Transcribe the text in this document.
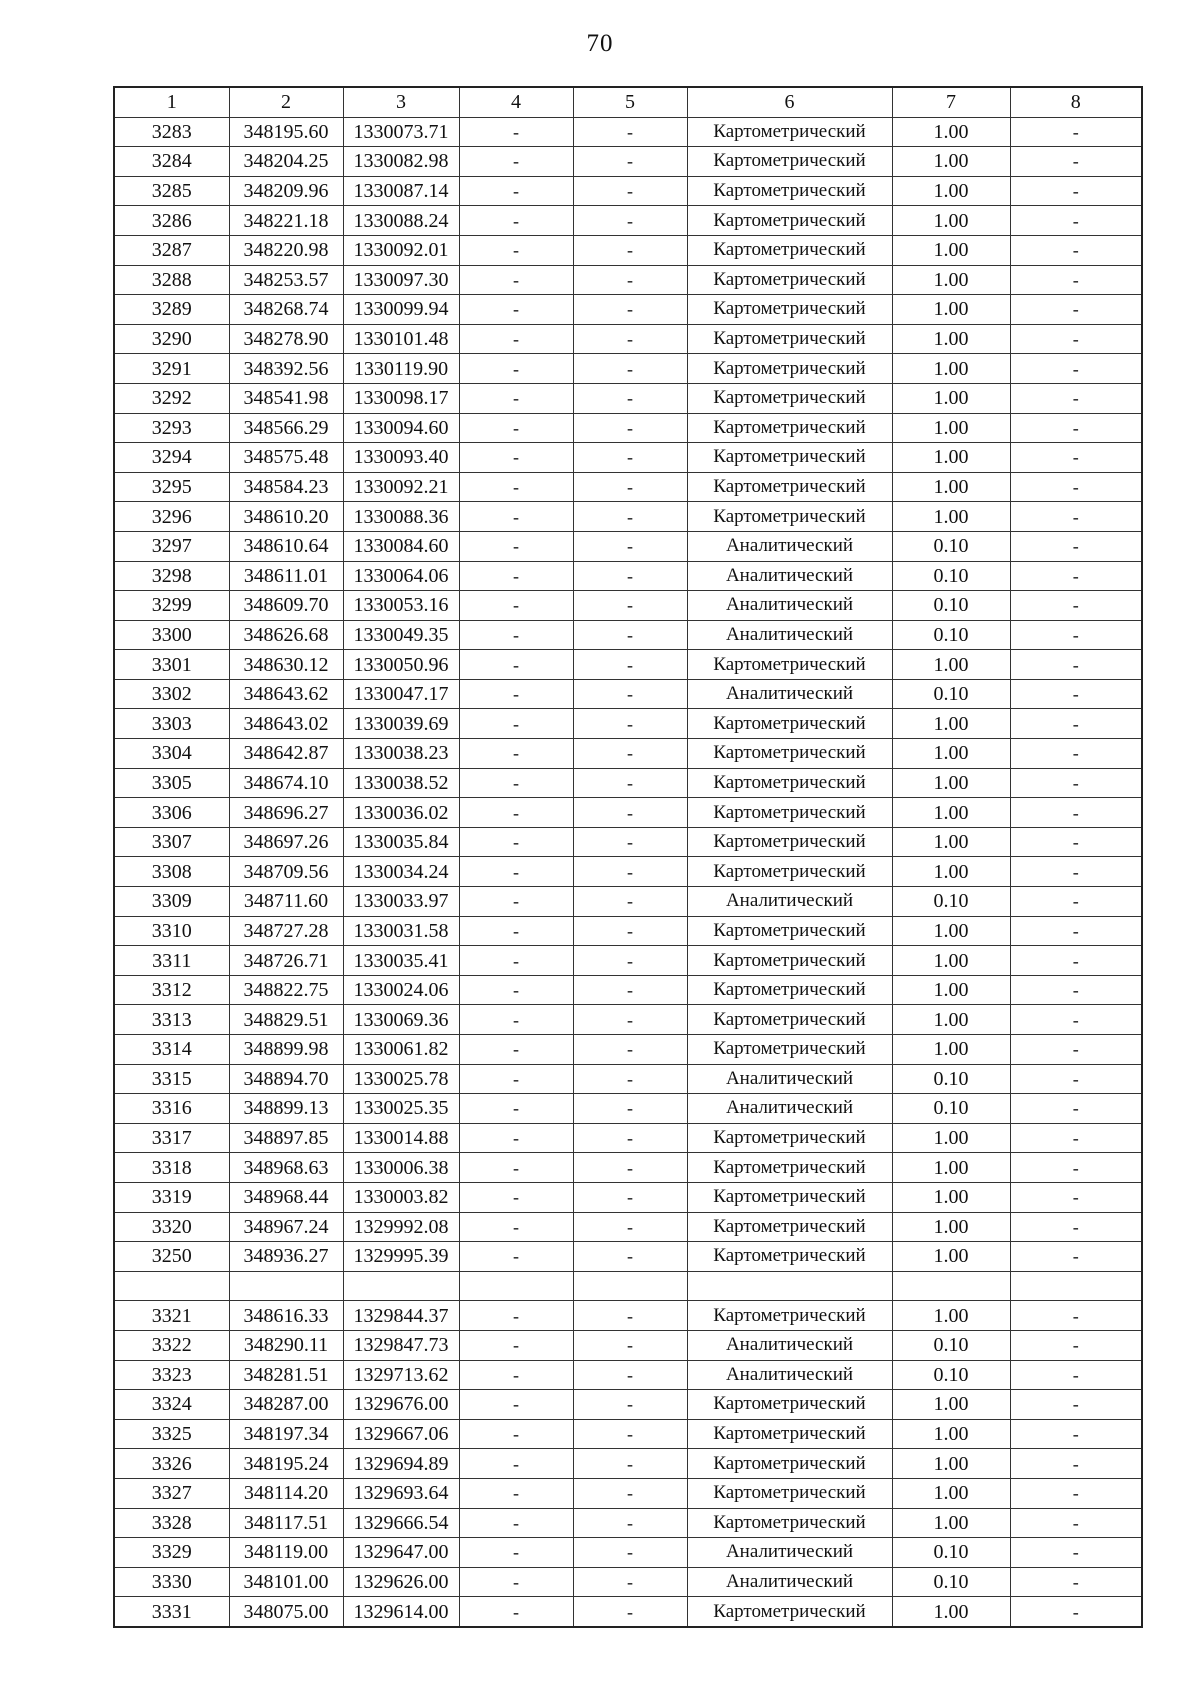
70
1	2	3	4	5	6	7	8
3283	348195.60	1330073.71	-	-	Картометрический	1.00	-
3284	348204.25	1330082.98	-	-	Картометрический	1.00	-
3285	348209.96	1330087.14	-	-	Картометрический	1.00	-
3286	348221.18	1330088.24	-	-	Картометрический	1.00	-
3287	348220.98	1330092.01	-	-	Картометрический	1.00	-
3288	348253.57	1330097.30	-	-	Картометрический	1.00	-
3289	348268.74	1330099.94	-	-	Картометрический	1.00	-
3290	348278.90	1330101.48	-	-	Картометрический	1.00	-
3291	348392.56	1330119.90	-	-	Картометрический	1.00	-
3292	348541.98	1330098.17	-	-	Картометрический	1.00	-
3293	348566.29	1330094.60	-	-	Картометрический	1.00	-
3294	348575.48	1330093.40	-	-	Картометрический	1.00	-
3295	348584.23	1330092.21	-	-	Картометрический	1.00	-
3296	348610.20	1330088.36	-	-	Картометрический	1.00	-
3297	348610.64	1330084.60	-	-	Аналитический	0.10	-
3298	348611.01	1330064.06	-	-	Аналитический	0.10	-
3299	348609.70	1330053.16	-	-	Аналитический	0.10	-
3300	348626.68	1330049.35	-	-	Аналитический	0.10	-
3301	348630.12	1330050.96	-	-	Картометрический	1.00	-
3302	348643.62	1330047.17	-	-	Аналитический	0.10	-
3303	348643.02	1330039.69	-	-	Картометрический	1.00	-
3304	348642.87	1330038.23	-	-	Картометрический	1.00	-
3305	348674.10	1330038.52	-	-	Картометрический	1.00	-
3306	348696.27	1330036.02	-	-	Картометрический	1.00	-
3307	348697.26	1330035.84	-	-	Картометрический	1.00	-
3308	348709.56	1330034.24	-	-	Картометрический	1.00	-
3309	348711.60	1330033.97	-	-	Аналитический	0.10	-
3310	348727.28	1330031.58	-	-	Картометрический	1.00	-
3311	348726.71	1330035.41	-	-	Картометрический	1.00	-
3312	348822.75	1330024.06	-	-	Картометрический	1.00	-
3313	348829.51	1330069.36	-	-	Картометрический	1.00	-
3314	348899.98	1330061.82	-	-	Картометрический	1.00	-
3315	348894.70	1330025.78	-	-	Аналитический	0.10	-
3316	348899.13	1330025.35	-	-	Аналитический	0.10	-
3317	348897.85	1330014.88	-	-	Картометрический	1.00	-
3318	348968.63	1330006.38	-	-	Картометрический	1.00	-
3319	348968.44	1330003.82	-	-	Картометрический	1.00	-
3320	348967.24	1329992.08	-	-	Картометрический	1.00	-
3250	348936.27	1329995.39	-	-	Картометрический	1.00	-

3321	348616.33	1329844.37	-	-	Картометрический	1.00	-
3322	348290.11	1329847.73	-	-	Аналитический	0.10	-
3323	348281.51	1329713.62	-	-	Аналитический	0.10	-
3324	348287.00	1329676.00	-	-	Картометрический	1.00	-
3325	348197.34	1329667.06	-	-	Картометрический	1.00	-
3326	348195.24	1329694.89	-	-	Картометрический	1.00	-
3327	348114.20	1329693.64	-	-	Картометрический	1.00	-
3328	348117.51	1329666.54	-	-	Картометрический	1.00	-
3329	348119.00	1329647.00	-	-	Аналитический	0.10	-
3330	348101.00	1329626.00	-	-	Аналитический	0.10	-
3331	348075.00	1329614.00	-	-	Картометрический	1.00	-
